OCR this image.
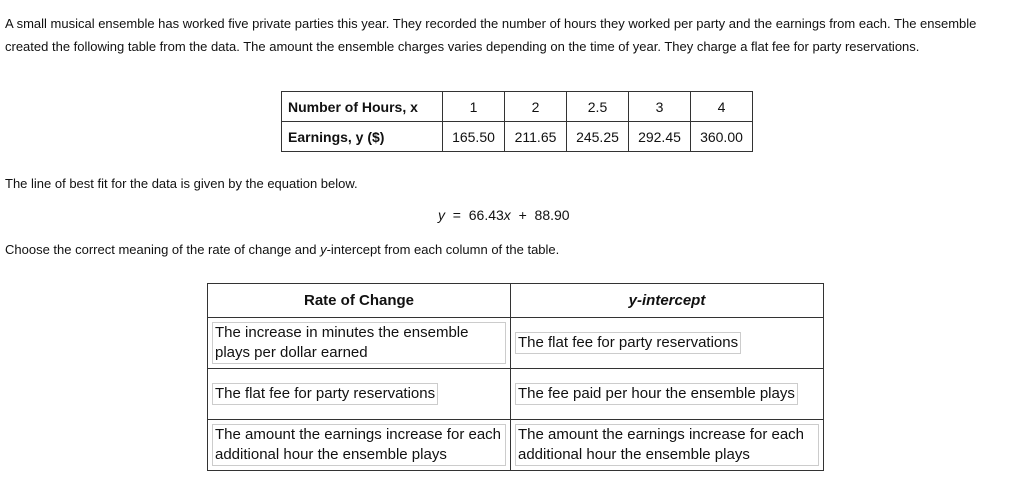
A small musical ensemble has worked five private parties this year. They recorded the number of hours they worked per party and the earnings from each. The ensemble created the following table from the data. The amount the ensemble charges varies depending on the time of year. They charge a flat fee for party reservations.

Number of Hours, x	1	2	2.5	3	4
Earnings, y ($)	165.50	211.65	245.25	292.45	360.00

The line of best fit for the data is given by the equation below.

y = 66.43x + 88.90

Choose the correct meaning of the rate of change and y-intercept from each column of the table.

Rate of Change	y-intercept
The increase in minutes the ensemble plays per dollar earned	The flat fee for party reservations
The flat fee for party reservations	The fee paid per hour the ensemble plays
The amount the earnings increase for each additional hour the ensemble plays	The amount the earnings increase for each additional hour the ensemble plays
